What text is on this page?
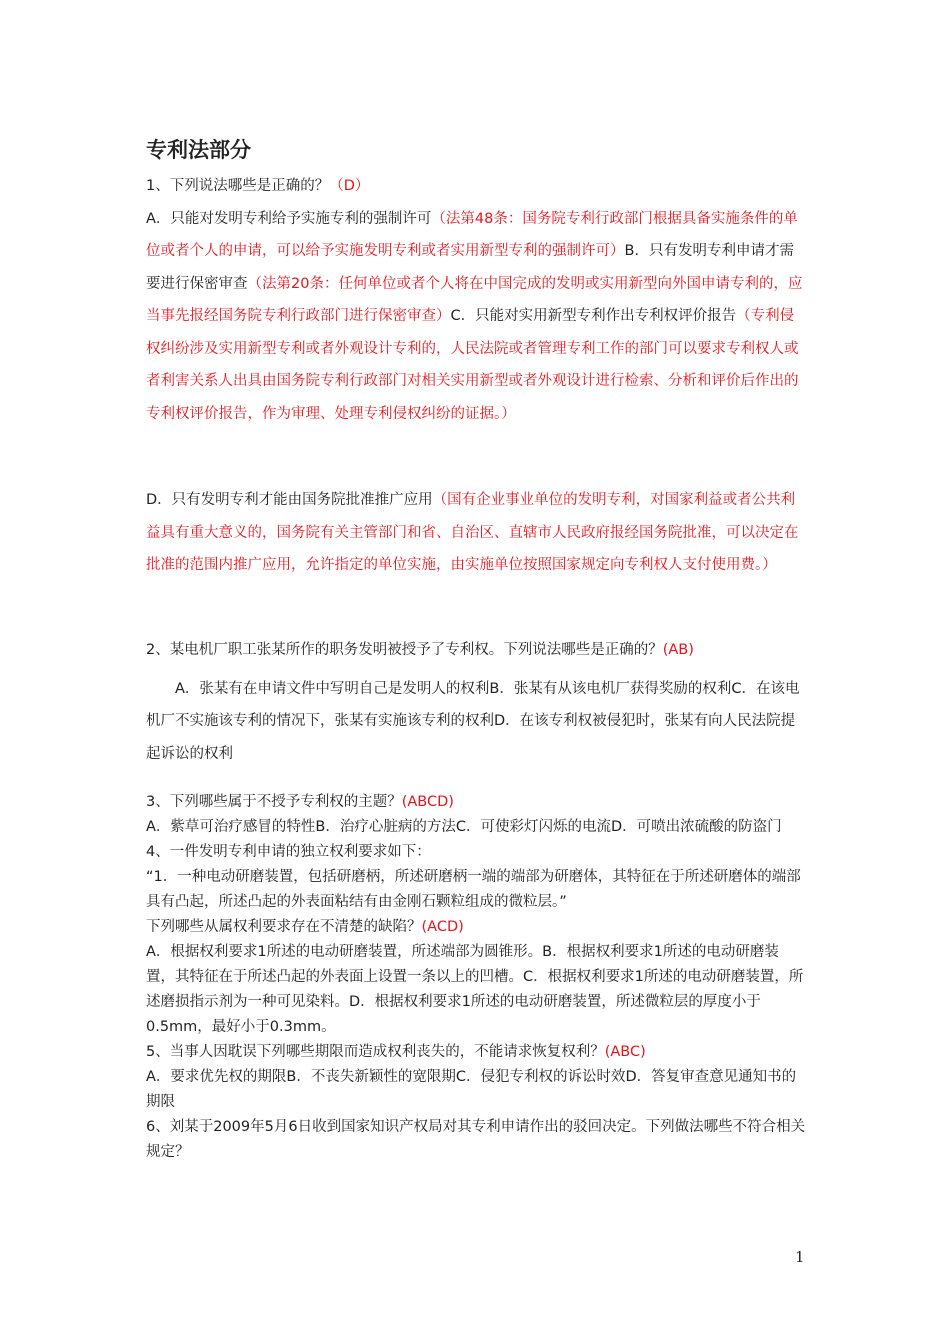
专利法部分

1、下列说法哪些是正确的？（D）

A．只能对发明专利给予实施专利的强制许可（法第48条：国务院专利行政部门根据具备实施条件的单位或者个人的申请，可以给予实施发明专利或者实用新型专利的强制许可）B．只有发明专利申请才需要进行保密审查（法第20条：任何单位或者个人将在中国完成的发明或实用新型向外国申请专利的，应当事先报经国务院专利行政部门进行保密审查）C．只能对实用新型专利作出专利权评价报告（专利侵权纠纷涉及实用新型专利或者外观设计专利的，人民法院或者管理专利工作的部门可以要求专利权人或者利害关系人出具由国务院专利行政部门对相关实用新型或者外观设计进行检索、分析和评价后作出的专利权评价报告，作为审理、处理专利侵权纠纷的证据。）

D．只有发明专利才能由国务院批准推广应用（国有企业事业单位的发明专利，对国家利益或者公共利益具有重大意义的，国务院有关主管部门和省、自治区、直辖市人民政府报经国务院批准，可以决定在批准的范围内推广应用，允许指定的单位实施，由实施单位按照国家规定向专利权人支付使用费。）

2、某电机厂职工张某所作的职务发明被授予了专利权。下列说法哪些是正确的？(AB)

A．张某有在申请文件中写明自己是发明人的权利B．张某有从该电机厂获得奖励的权利C．在该电机厂不实施该专利的情况下，张某有实施该专利的权利D．在该专利权被侵犯时，张某有向人民法院提起诉讼的权利

3、下列哪些属于不授予专利权的主题？(ABCD)

A．紫草可治疗感冒的特性B．治疗心脏病的方法C．可使彩灯闪烁的电流D．可喷出浓硫酸的防盗门

4、一件发明专利申请的独立权利要求如下：

“1．一种电动研磨装置，包括研磨柄，所述研磨柄一端的端部为研磨体，其特征在于所述研磨体的端部具有凸起，所述凸起的外表面粘结有由金刚石颗粒组成的微粒层。”

下列哪些从属权利要求存在不清楚的缺陷？(ACD)

A．根据权利要求1所述的电动研磨装置，所述端部为圆锥形。B．根据权利要求1所述的电动研磨装置，其特征在于所述凸起的外表面上设置一条以上的凹槽。C．根据权利要求1所述的电动研磨装置，所述磨损指示剂为一种可见染料。D．根据权利要求1所述的电动研磨装置，所述微粒层的厚度小于0.5mm，最好小于0.3mm。

5、当事人因耽误下列哪些期限而造成权利丧失的，不能请求恢复权利？(ABC)

A．要求优先权的期限B．不丧失新颖性的宽限期C．侵犯专利权的诉讼时效D．答复审查意见通知书的期限

6、刘某于2009年5月6日收到国家知识产权局对其专利申请作出的驳回决定。下列做法哪些不符合相关规定？

1
